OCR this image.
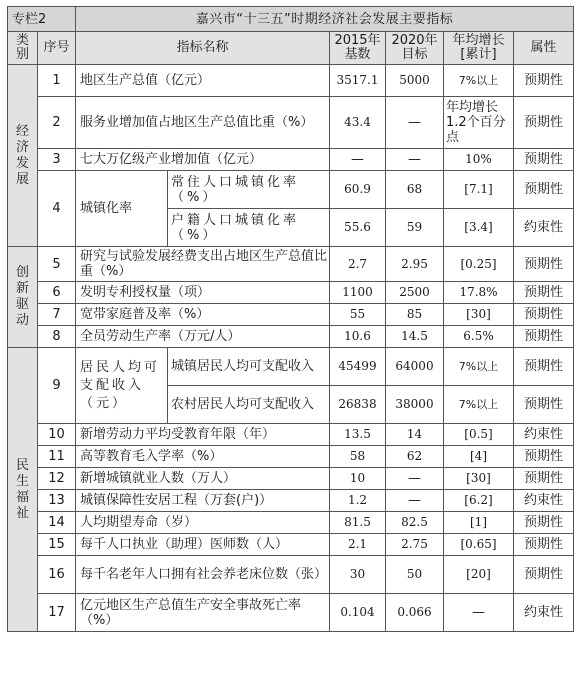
专栏2		嘉兴市“十三五”时期经济社会发展主要指标					
类别	序号	指标名称		2015年基数	2020年目标	年均增长[累计]	属性
经济发展	1	地区生产总值（亿元）		3517.1	5000	7%以上	预期性
	2	服务业增加值占地区生产总值比重（%）		43.4	—	年均增长1.2个百分点	预期性
	3	七大万亿级产业增加值（亿元）		—	—	10%	预期性
	4	城镇化率	常住人口城镇化率（%）	60.9	68	[7.1]	预期性
			户籍人口城镇化率（%）	55.6	59	[3.4]	约束性
创新驱动	5	研究与试验发展经费支出占地区生产总值比重（%）		2.7	2.95	[0.25]	预期性
	6	发明专利授权量（项）		1100	2500	17.8%	预期性
	7	宽带家庭普及率（%）		55	85	[30]	预期性
	8	全员劳动生产率（万元/人）		10.6	14.5	6.5%	预期性
民生福祉	9	居民人均可支配收入（元）	城镇居民人均可支配收入	45499	64000	7%以上	预期性
			农村居民人均可支配收入	26838	38000	7%以上	预期性
	10	新增劳动力平均受教育年限（年）		13.5	14	[0.5]	约束性
	11	高等教育毛入学率（%）		58	62	[4]	预期性
	12	新增城镇就业人数（万人）		10	—	[30]	预期性
	13	城镇保障性安居工程（万套(户)）		1.2	—	[6.2]	约束性
	14	人均期望寿命（岁）		81.5	82.5	[1]	预期性
	15	每千人口执业（助理）医师数（人）		2.1	2.75	[0.65]	预期性
	16	每千名老年人口拥有社会养老床位数（张）		30	50	[20]	预期性
	17	亿元地区生产总值生产安全事故死亡率（%）		0.104	0.066	—	约束性
